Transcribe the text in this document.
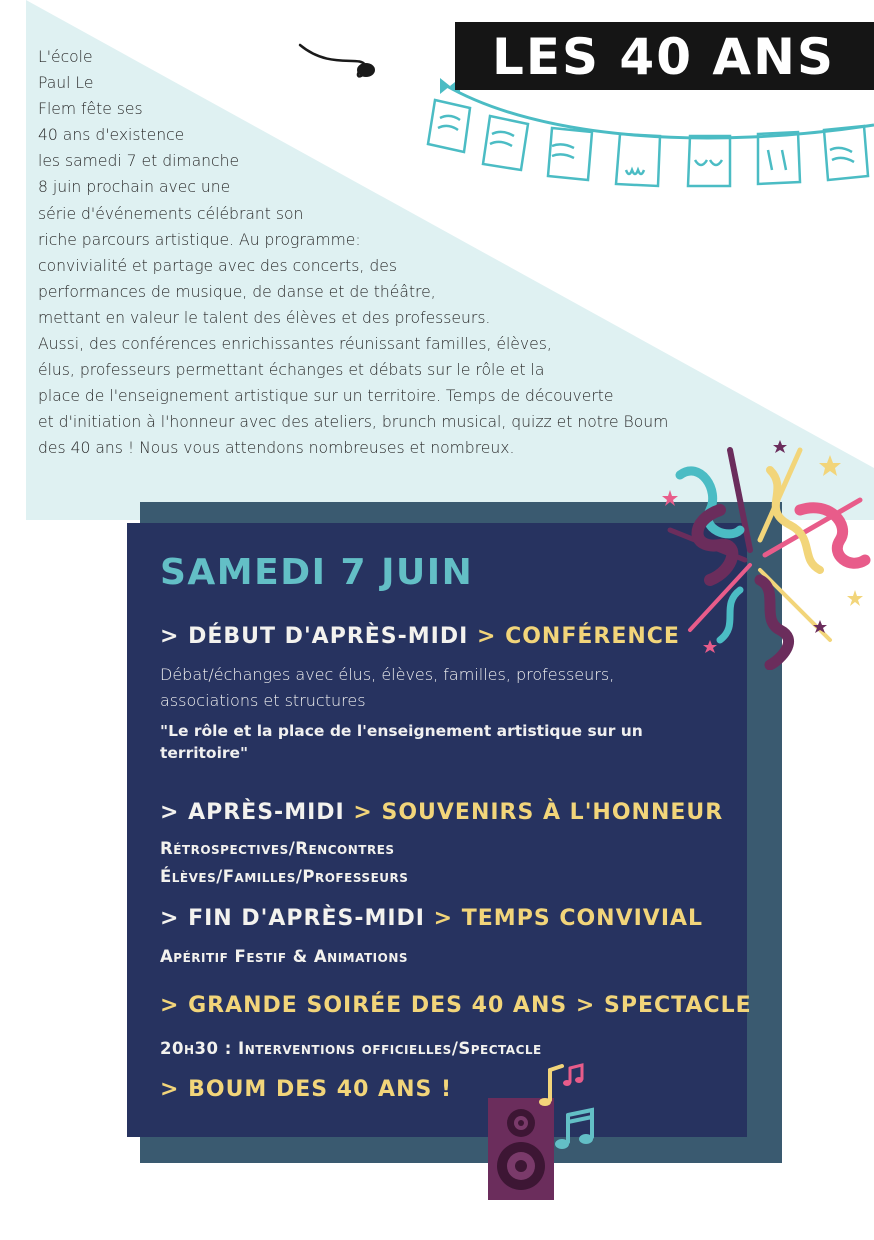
L'école
Paul Le
Flem fête ses
40 ans d'existence
les samedi 7 et dimanche
8 juin prochain avec une
série d'événements célébrant son
riche parcours artistique. Au programme:
convivialité et partage avec des concerts, des
performances de musique, de danse et de théâtre,
mettant en valeur le talent des élèves et des professeurs.
Aussi, des conférences enrichissantes réunissant familles, élèves,
élus, professeurs permettant échanges et débats sur le rôle et la
place de l'enseignement artistique sur un territoire. Temps de découverte
et d'initiation à l'honneur avec des ateliers, brunch musical, quizz et notre Boum
des 40 ans ! Nous vous attendons nombreuses et nombreux.
LES 40 ANS
SAMEDI 7 JUIN
> DÉBUT D'APRÈS-MIDI > CONFÉRENCE
Débat/échanges avec élus, élèves, familles, professeurs,
associations et structures
"Le rôle et la place de l'enseignement artistique sur un territoire"
> APRÈS-MIDI > SOUVENIRS À L'HONNEUR
Rétrospectives/Rencontres
Élèves/Familles/Professeurs
> FIN D'APRÈS-MIDI > TEMPS CONVIVIAL
Apéritif Festif & Animations
> GRANDE SOIRÉE DES 40 ANS > SPECTACLE
20h30 : Interventions officielles/Spectacle
> BOUM DES 40 ANS !
